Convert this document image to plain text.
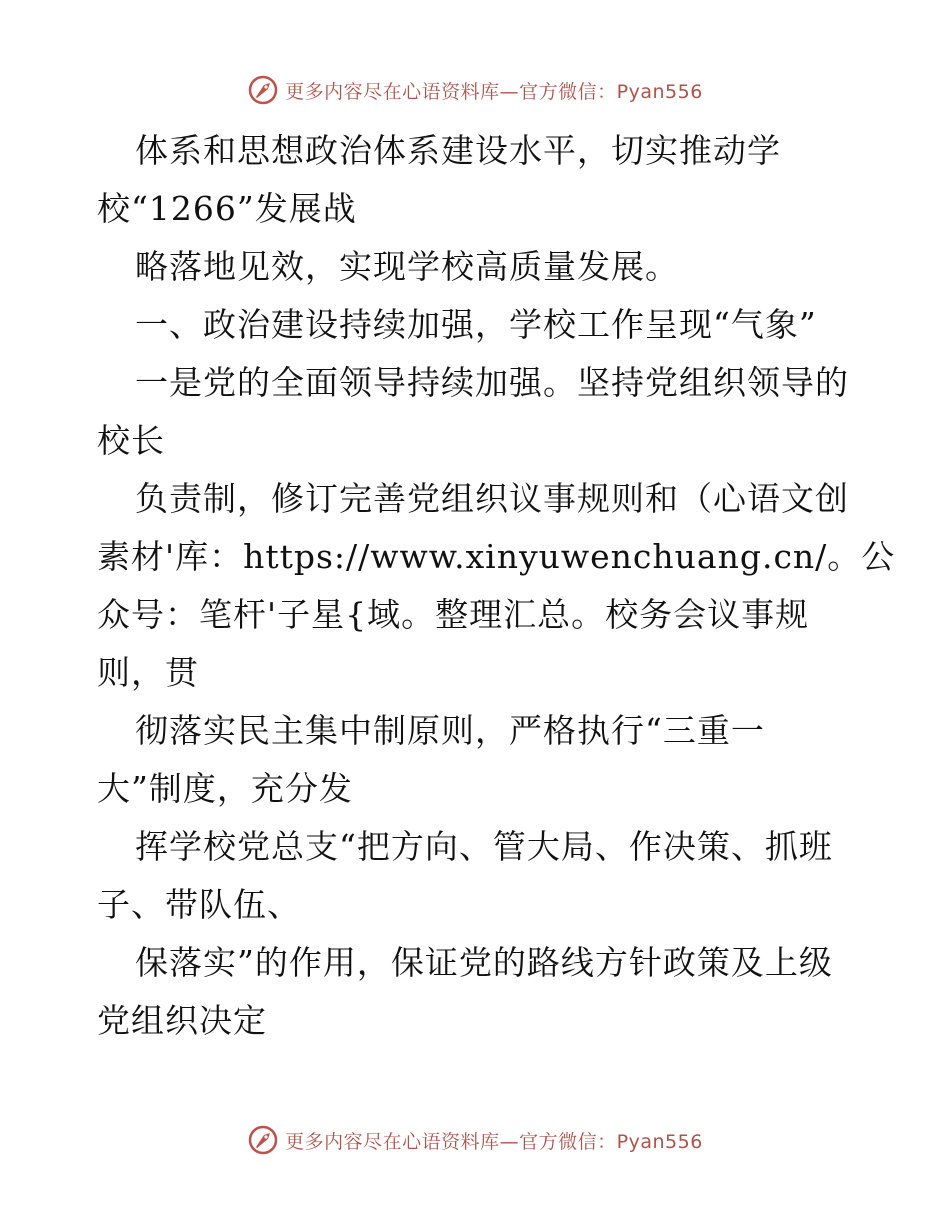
更多内容尽在心语资料库—官方微信：Pyan556
体系和思想政治体系建设水平，切实推动学
校“1266”发展战
略落地见效，实现学校高质量发展。
一、政治建设持续加强，学校工作呈现“气象”
一是党的全面领导持续加强。坚持党组织领导的
校长
负责制，修订完善党组织议事规则和（心语文创
素材'库：https://www.xinyuwenchuang.cn/。公
众号：笔杆'子星{域。整理汇总。校务会议事规
则，贯
彻落实民主集中制原则，严格执行“三重一
大”制度，充分发
挥学校党总支“把方向、管大局、作决策、抓班
子、带队伍、
保落实”的作用，保证党的路线方针政策及上级
党组织决定
更多内容尽在心语资料库—官方微信：Pyan556
